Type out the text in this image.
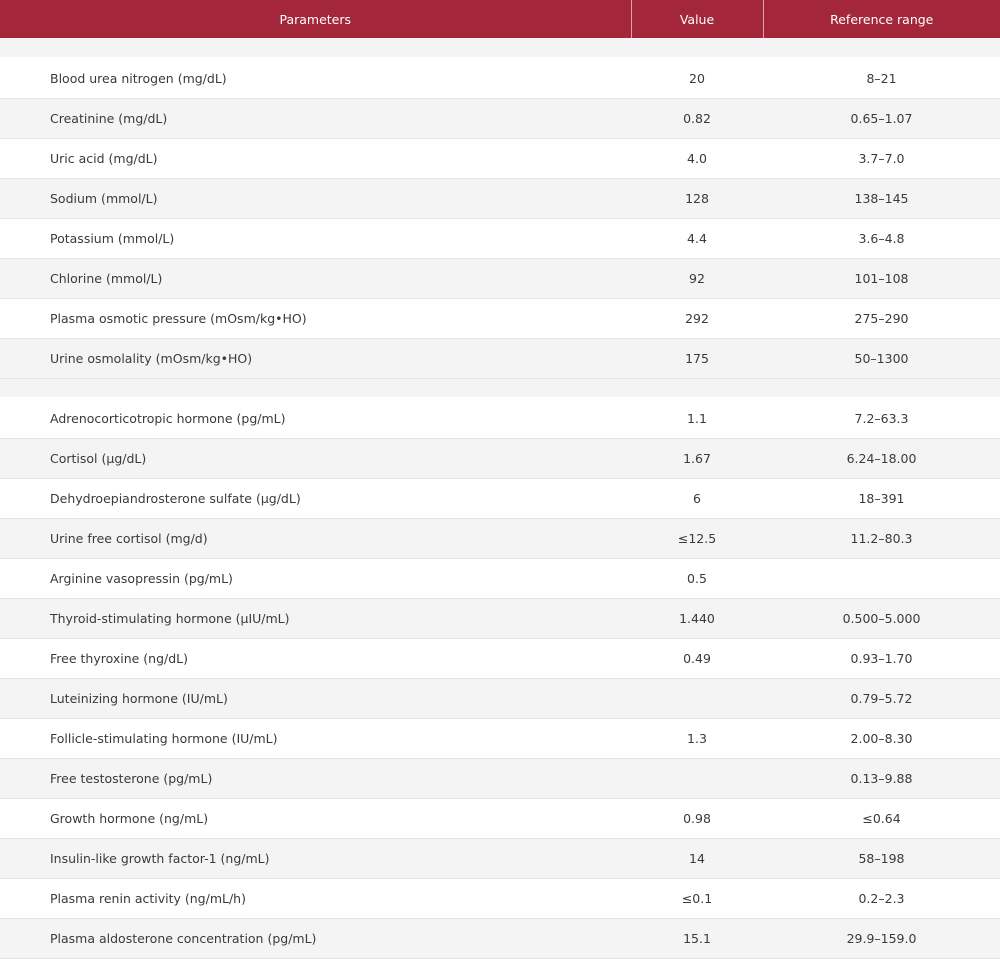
Parameters	Value	Reference range

Blood urea nitrogen (mg/dL)	20	8–21
Creatinine (mg/dL)	0.82	0.65–1.07
Uric acid (mg/dL)	4.0	3.7–7.0
Sodium (mmol/L)	128	138–145
Potassium (mmol/L)	4.4	3.6–4.8
Chlorine (mmol/L)	92	101–108
Plasma osmotic pressure (mOsm/kg•HO)	292	275–290
Urine osmolality (mOsm/kg•HO)	175	50–1300

Adrenocorticotropic hormone (pg/mL)	1.1	7.2–63.3
Cortisol (µg/dL)	1.67	6.24–18.00
Dehydroepiandrosterone sulfate (µg/dL)	6	18–391
Urine free cortisol (mg/d)	≤12.5	11.2–80.3
Arginine vasopressin (pg/mL)	0.5	
Thyroid-stimulating hormone (µIU/mL)	1.440	0.500–5.000
Free thyroxine (ng/dL)	0.49	0.93–1.70
Luteinizing hormone (IU/mL)		0.79–5.72
Follicle-stimulating hormone (IU/mL)	1.3	2.00–8.30
Free testosterone (pg/mL)		0.13–9.88
Growth hormone (ng/mL)	0.98	≤0.64
Insulin-like growth factor-1 (ng/mL)	14	58–198
Plasma renin activity (ng/mL/h)	≤0.1	0.2–2.3
Plasma aldosterone concentration (pg/mL)	15.1	29.9–159.0
